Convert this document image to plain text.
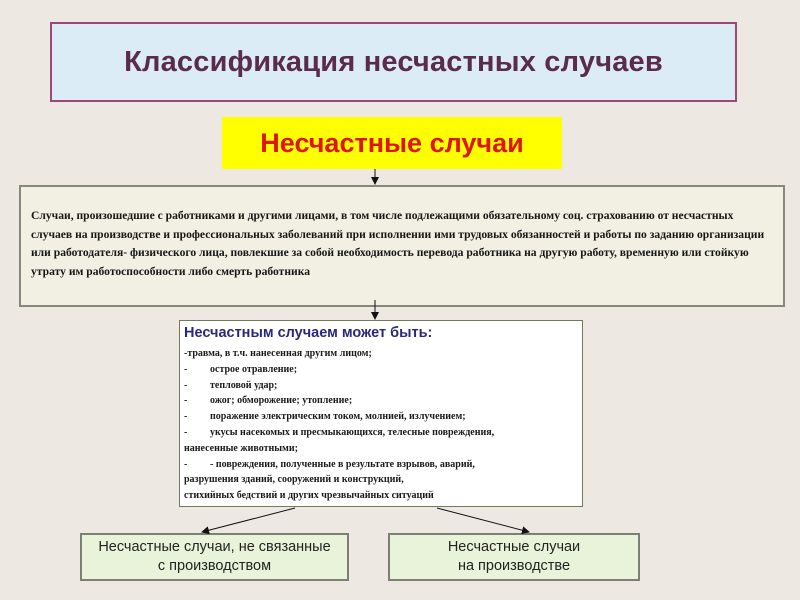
Классификация несчастных случаев
Несчастные случаи
Случаи, произошедшие с работниками и другими лицами, в том числе подлежащими обязательному соц. страхованию от несчастных случаев на производстве и профессиональных заболеваний при исполнении ими трудовых обязанностей и работы по заданию организации или работодателя- физического лица, повлекшие за собой необходимость перевода работника на другую работу, временную или стойкую утрату им работоспособности либо смерть работника
Несчастным случаем может быть:
-травма, в т.ч. нанесенная другим лицом;
- острое отравление;
- тепловой удар;
- ожог; обморожение; утопление;
- поражение электрическим током, молнией, излучением;
- укусы насекомых и пресмыкающихся, телесные повреждения,
нанесенные животными;
- - повреждения, полученные в результате взрывов, аварий,
разрушения зданий, сооружений и конструкций,
стихийных бедствий и других чрезвычайных ситуаций
Несчастные случаи, не связанные
с производством
Несчастные случаи
на производстве
